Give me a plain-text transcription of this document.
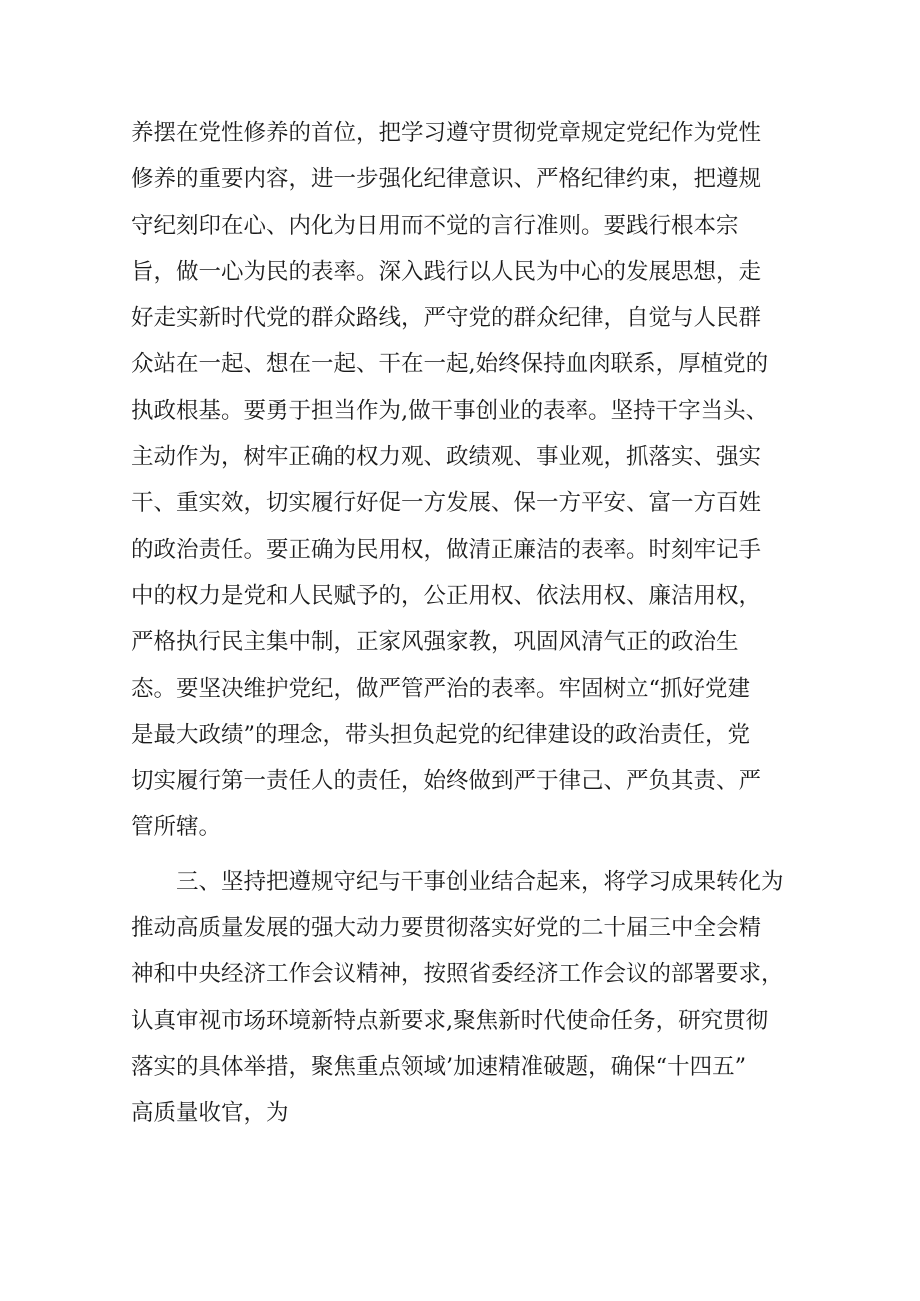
养摆在党性修养的首位，把学习遵守贯彻党章规定党纪作为党性
修养的重要内容，进一步强化纪律意识、严格纪律约束，把遵规
守纪刻印在心、内化为日用而不觉的言行准则。要践行根本宗
旨，做一心为民的表率。深入践行以人民为中心的发展思想，走
好走实新时代党的群众路线，严守党的群众纪律，自觉与人民群
众站在一起、想在一起、干在一起,始终保持血肉联系，厚植党的
执政根基。要勇于担当作为,做干事创业的表率。坚持干字当头、
主动作为，树牢正确的权力观、政绩观、事业观，抓落实、强实
干、重实效，切实履行好促一方发展、保一方平安、富一方百姓
的政治责任。要正确为民用权，做清正廉洁的表率。时刻牢记手
中的权力是党和人民赋予的，公正用权、依法用权、廉洁用权，
严格执行民主集中制，正家风强家教，巩固风清气正的政治生
态。要坚决维护党纪，做严管严治的表率。牢固树立“抓好党建
是最大政绩”的理念，带头担负起党的纪律建设的政治责任，党
切实履行第一责任人的责任，始终做到严于律己、严负其责、严
管所辖。
　　三、坚持把遵规守纪与干事创业结合起来，将学习成果转化为
推动高质量发展的强大动力要贯彻落实好党的二十届三中全会精
神和中央经济工作会议精神，按照省委经济工作会议的部署要求，
认真审视市场环境新特点新要求,聚焦新时代使命任务，研究贯彻
落实的具体举措，聚焦重点领域’加速精准破题，确保“十四五”
高质量收官，为
